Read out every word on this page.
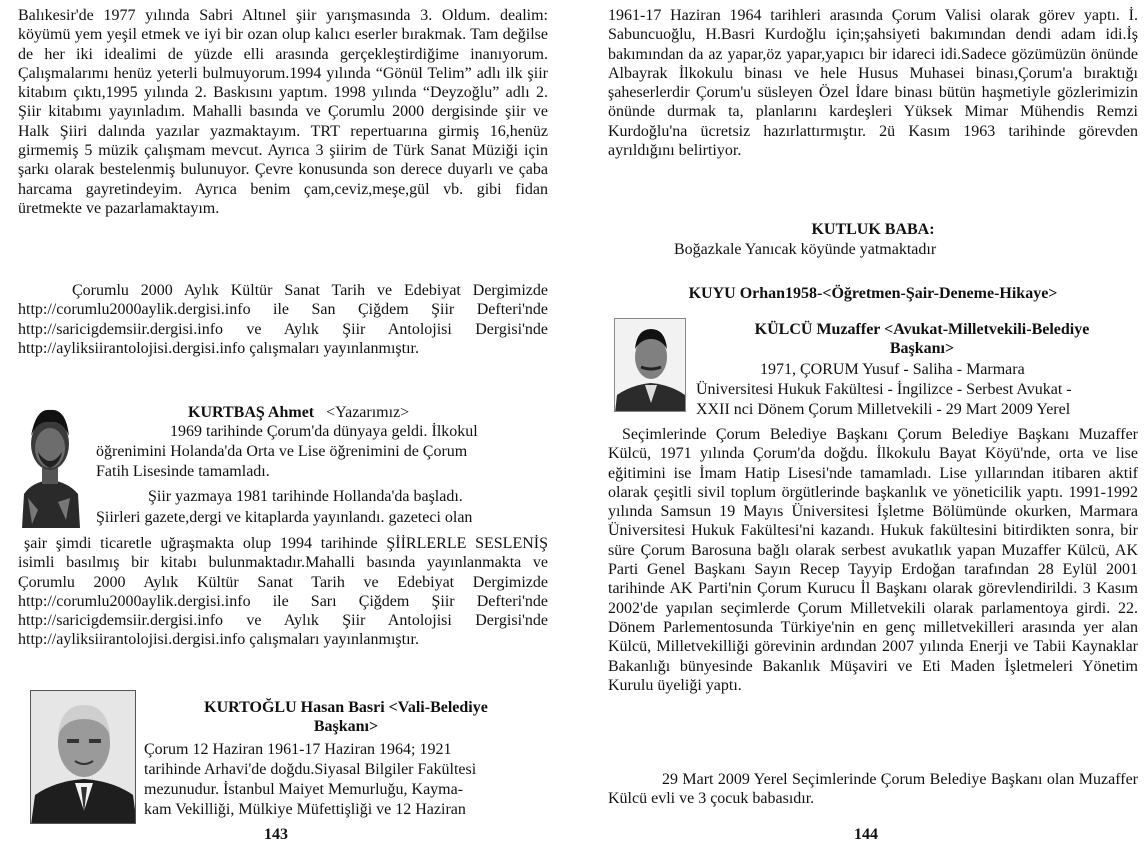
Balıkesir'de 1977 yılında Sabri Altınel şiir yarışmasında 3. Oldum. dealim: köyümü yem yeşil etmek ve iyi bir ozan olup kalıcı eserler bırakmak. Tam değilse de her iki idealimi de yüzde elli arasında gerçekleştirdiğime inanıyorum. Çalışmalarımı henüz yeterli bulmuyorum.1994 yılında “Gönül Telim” adlı ilk şiir kitabım çıktı,1995 yılında 2. Baskısını yaptım. 1998 yılında “Deyzoğlu” adlı 2. Şiir kitabımı yayınladım. Mahalli basında ve Çorumlu 2000 dergisinde şiir ve Halk Şiiri dalında yazılar yazmaktayım. TRT repertuarına girmiş 16,henüz girmemiş 5 müzik çalışmam mevcut. Ayrıca 3 şiirim de Türk Sanat Müziği için şarkı olarak bestelenmiş bulunuyor. Çevre konusunda son derece duyarlı ve çaba harcama gayretindeyim. Ayrıca benim çam,ceviz,meşe,gül vb. gibi fidan üretmekte ve pazarlamaktayım.

Çorumlu 2000 Aylık Kültür Sanat Tarih ve Edebiyat Dergimizde http://corumlu2000aylik.dergisi.info ile San Çiğdem Şiir Defteri'nde http://saricigdemsiir.dergisi.info ve Aylık Şiir Antolojisi Dergisi'nde http://ayliksiirantolojisi.dergisi.info çalışmaları yayınlanmıştır.

KURTBAŞ Ahmet <Yazarımız>

1969 tarihinde Çorum'da dünyaya geldi. İlkokul

öğrenimini Holanda'da Orta ve Lise öğrenimini de Çorum

Fatih Lisesinde tamamladı.

Şiir yazmaya 1981 tarihinde Hollanda'da başladı.

Şiirleri gazete,dergi ve kitaplarda yayınlandı. gazeteci olan

şair şimdi ticaretle uğraşmakta olup 1994 tarihinde ŞİİRLERLE SESLENİŞ isimli basılmış bir kitabı bulunmaktadır.Mahalli basında yayınlanmakta ve Çorumlu 2000 Aylık Kültür Sanat Tarih ve Edebiyat Dergimizde http://corumlu2000aylik.dergisi.info ile Sarı Çiğdem Şiir Defteri'nde http://saricigdemsiir.dergisi.info ve Aylık Şiir Antolojisi Dergisi'nde http://ayliksiirantolojisi.dergisi.info çalışmaları yayınlanmıştır.

KURTOĞLU Hasan Basri <Vali-Belediye
Başkanı>

Çorum 12 Haziran 1961-17 Haziran 1964; 1921

tarihinde Arhavi'de doğdu.Siyasal Bilgiler Fakültesi

mezunudur. İstanbul Maiyet Memurluğu, Kayma-

kam Vekilliği, Mülkiye Müfettişliği ve 12 Haziran

143

1961-17 Haziran 1964 tarihleri arasında Çorum Valisi olarak görev yaptı. İ. Sabuncuoğlu, H.Basri Kurdoğlu için;şahsiyeti bakımından dendi adam idi.İş bakımından da az yapar,öz yapar,yapıcı bir idareci idi.Sadece gözümüzün önünde Albayrak İlkokulu binası ve hele Husus Muhasei binası,Çorum'a bıraktığı şaheserlerdir Çorum'u süsleyen Özel İdare binası bütün haşmetiyle gözlerimizin önünde durmak ta, planlarını kardeşleri Yüksek Mimar Mühendis Remzi Kurdoğlu'na ücretsiz hazırlattırmıştır. 2ü Kasım 1963 tarihinde görevden ayrıldığını belirtiyor.

KUTLUK BABA:

Boğazkale Yanıcak köyünde yatmaktadır

KUYU Orhan1958-<Öğretmen-Şair-Deneme-Hikaye>
KÜLCÜ Muzaffer <Avukat-Milletvekili-Belediye
Başkanı>

1971, ÇORUM Yusuf - Saliha - Marmara

Üniversitesi Hukuk Fakültesi - İngilizce - Serbest Avukat -

XXII nci Dönem Çorum Milletvekili - 29 Mart 2009 Yerel

Seçimlerinde Çorum Belediye Başkanı Çorum Belediye Başkanı Muzaffer Külcü, 1971 yılında Çorum'da doğdu. İlkokulu Bayat Köyü'nde, orta ve lise eğitimini ise İmam Hatip Lisesi'nde tamamladı. Lise yıllarından itibaren aktif olarak çeşitli sivil toplum örgütlerinde başkanlık ve yöneticilik yaptı. 1991-1992 yılında Samsun 19 Mayıs Üniversitesi İşletme Bölümünde okurken, Marmara Üniversitesi Hukuk Fakültesi'ni kazandı. Hukuk fakültesini bitirdikten sonra, bir süre Çorum Barosuna bağlı olarak serbest avukatlık yapan Muzaffer Külcü, AK Parti Genel Başkanı Sayın Recep Tayyip Erdoğan tarafından 28 Eylül 2001 tarihinde AK Parti'nin Çorum Kurucu İl Başkanı olarak görevlendirildi. 3 Kasım 2002'de yapılan seçimlerde Çorum Milletvekili olarak parlamentoya girdi. 22. Dönem Parlementosunda Türkiye'nin en genç milletvekilleri arasında yer alan Külcü, Milletvekilliği görevinin ardından 2007 yılında Enerji ve Tabii Kaynaklar Bakanlığı bünyesinde Bakanlık Müşaviri ve Eti Maden İşletmeleri Yönetim Kurulu üyeliği yaptı.

29 Mart 2009 Yerel Seçimlerinde Çorum Belediye Başkanı olan Muzaffer Külcü evli ve 3 çocuk babasıdır.

144
